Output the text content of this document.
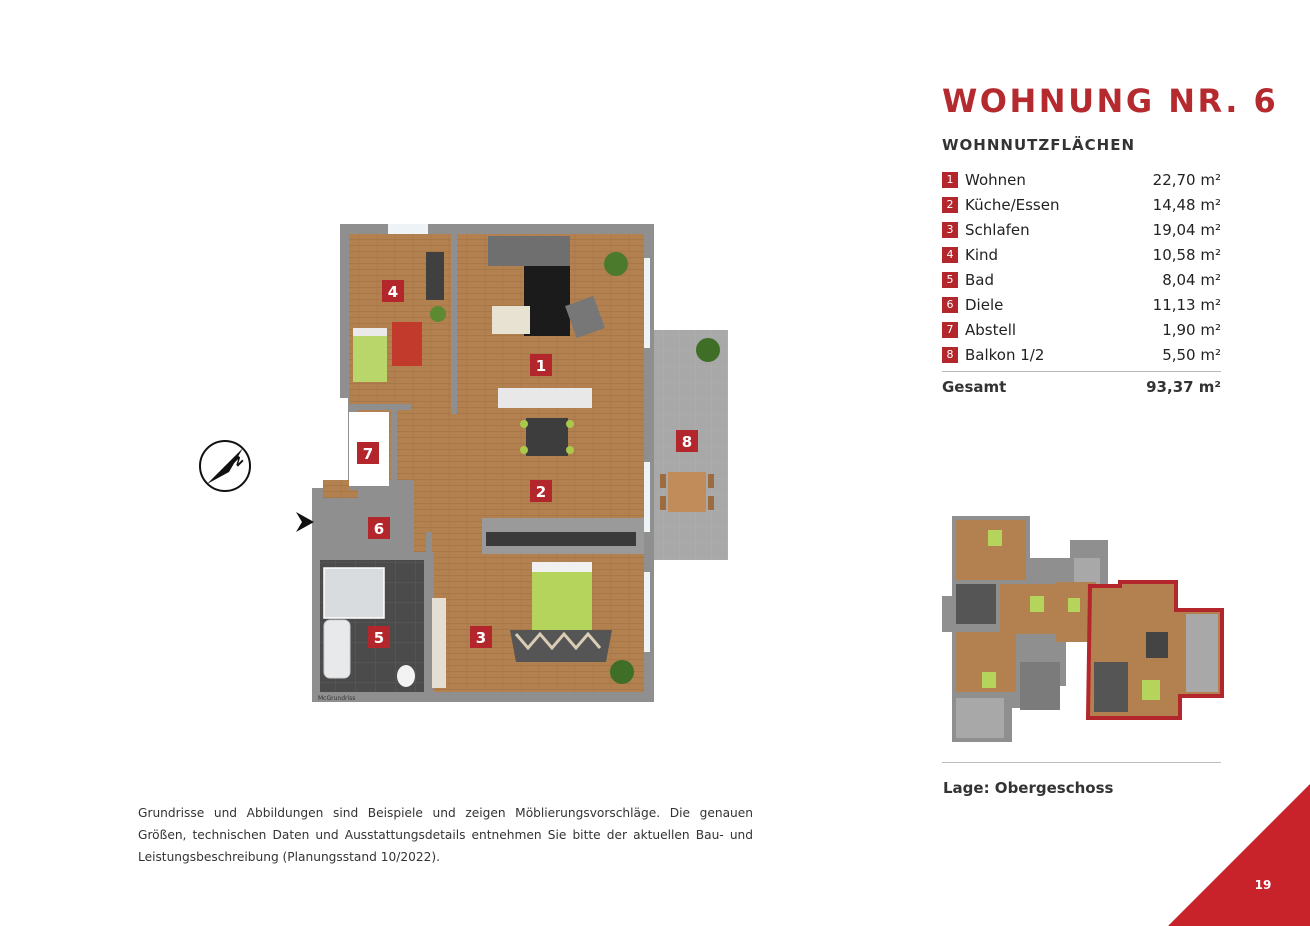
1
2
3
4
5
6
7
8
McGrundriss
N
WOHNUNG NR. 6
WOHNNUTZFLÄCHEN
1 Wohnen	22,70 m²
2 Küche/Essen	14,48 m²
3 Schlafen	19,04 m²
4 Kind	10,58 m²
5 Bad	8,04 m²
6 Diele	11,13 m²
7 Abstell	1,90 m²
8 Balkon 1/2	5,50 m²
Gesamt	93,37 m²
Lage: Obergeschoss

Grundrisse und Abbildungen sind Beispiele und zeigen Möblierungsvorschläge. Die genauen Größen, technischen Daten und Ausstattungsdetails entnehmen Sie bitte der aktuellen Bau- und Leistungsbeschreibung (Planungsstand 10/2022).

19
